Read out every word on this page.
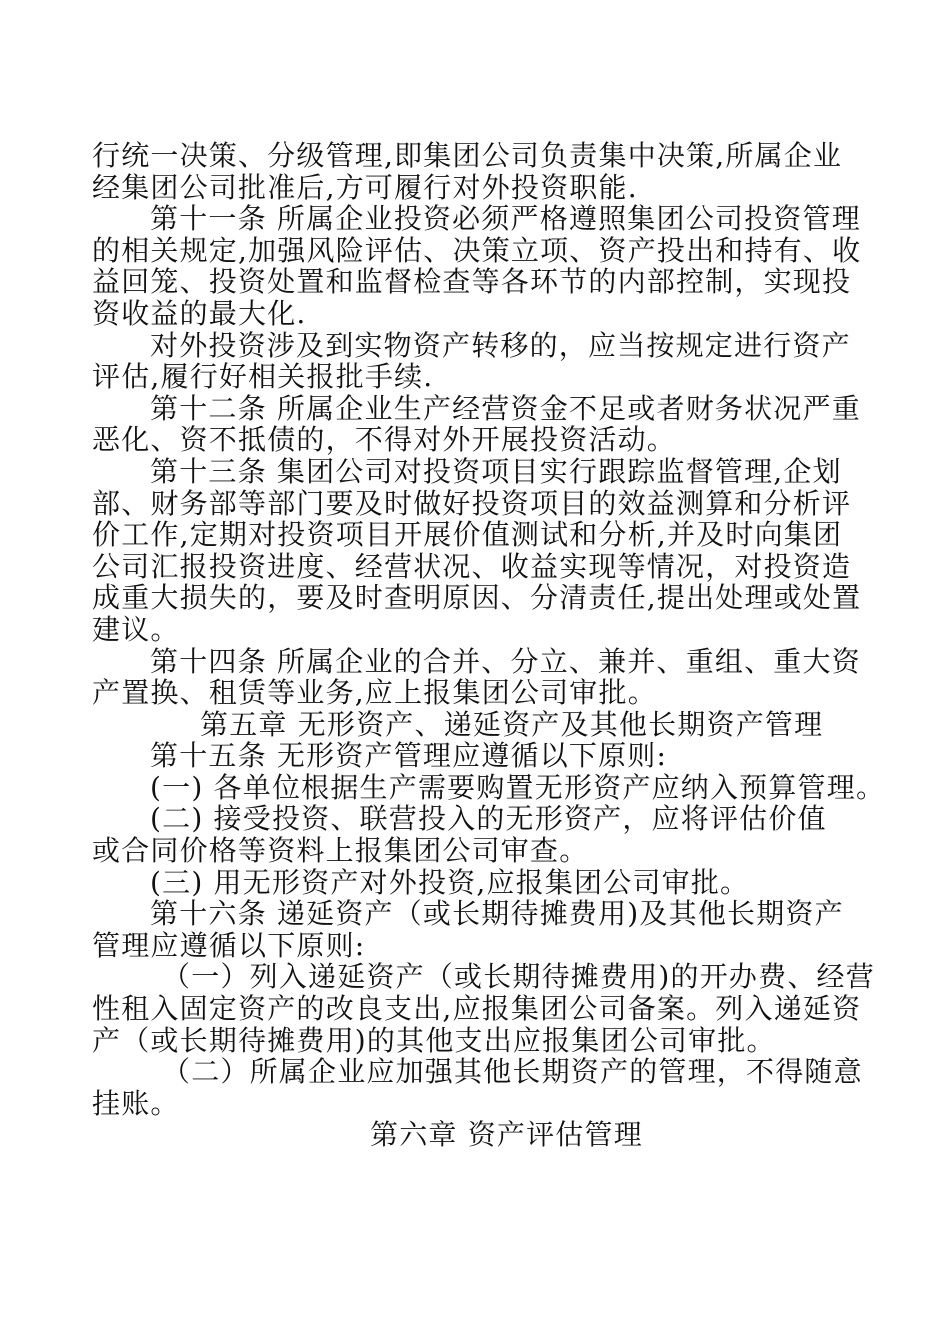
行统一决策、分级管理,即集团公司负责集中决策,所属企业
经集团公司批准后,方可履行对外投资职能.
第十一条 所属企业投资必须严格遵照集团公司投资管理
的相关规定,加强风险评估、决策立项、资产投出和持有、收
益回笼、投资处置和监督检查等各环节的内部控制，实现投
资收益的最大化.
对外投资涉及到实物资产转移的，应当按规定进行资产
评估,履行好相关报批手续.
第十二条 所属企业生产经营资金不足或者财务状况严重
恶化、资不抵债的，不得对外开展投资活动。
第十三条 集团公司对投资项目实行跟踪监督管理,企划
部、财务部等部门要及时做好投资项目的效益测算和分析评
价工作,定期对投资项目开展价值测试和分析,并及时向集团
公司汇报投资进度、经营状况、收益实现等情况，对投资造
成重大损失的，要及时查明原因、分清责任,提出处理或处置
建议。
第十四条 所属企业的合并、分立、兼并、重组、重大资
产置换、租赁等业务,应上报集团公司审批。
第五章 无形资产、递延资产及其他长期资产管理
第十五条 无形资产管理应遵循以下原则:
(一) 各单位根据生产需要购置无形资产应纳入预算管理。
(二) 接受投资、联营投入的无形资产，应将评估价值
或合同价格等资料上报集团公司审查。
(三) 用无形资产对外投资,应报集团公司审批。
第十六条 递延资产（或长期待摊费用)及其他长期资产
管理应遵循以下原则:
（一）列入递延资产（或长期待摊费用)的开办费、经营
性租入固定资产的改良支出,应报集团公司备案。列入递延资
产（或长期待摊费用)的其他支出应报集团公司审批。
（二）所属企业应加强其他长期资产的管理，不得随意
挂账。
第六章 资产评估管理
